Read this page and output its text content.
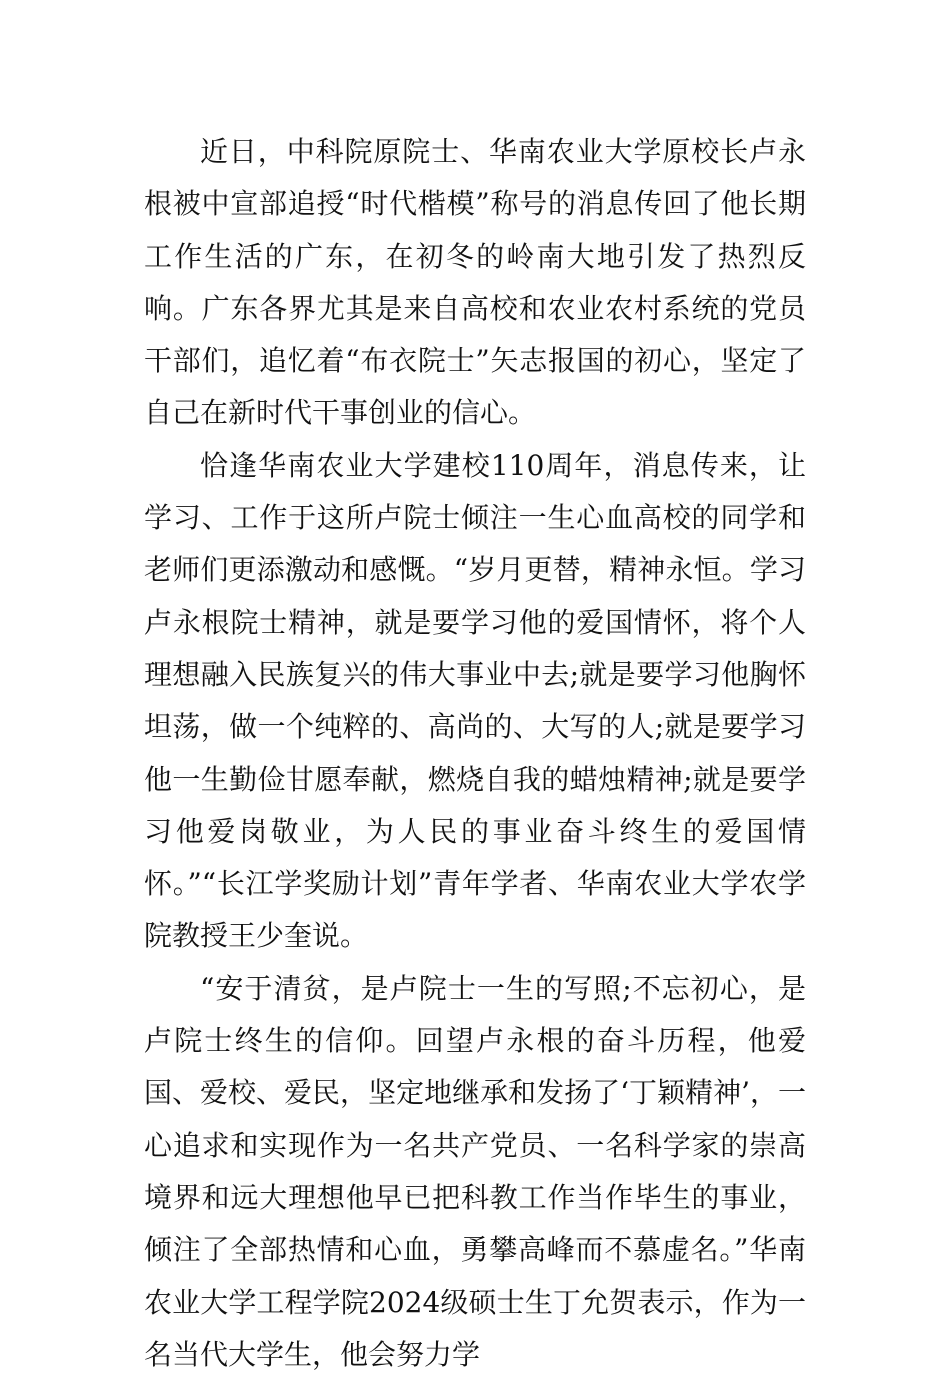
近日，中科院原院士、华南农业大学原校长卢永根被中宣部追授“时代楷模”称号的消息传回了他长期工作生活的广东，在初冬的岭南大地引发了热烈反响。广东各界尤其是来自高校和农业农村系统的党员干部们，追忆着“布衣院士”矢志报国的初心，坚定了自己在新时代干事创业的信心。

恰逢华南农业大学建校110周年，消息传来，让学习、工作于这所卢院士倾注一生心血高校的同学和老师们更添激动和感慨。“岁月更替，精神永恒。学习卢永根院士精神，就是要学习他的爱国情怀，将个人理想融入民族复兴的伟大事业中去;就是要学习他胸怀坦荡，做一个纯粹的、高尚的、大写的人;就是要学习他一生勤俭甘愿奉献，燃烧自我的蜡烛精神;就是要学习他爱岗敬业，为人民的事业奋斗终生的爱国情怀。”“长江学奖励计划”青年学者、华南农业大学农学院教授王少奎说。

“安于清贫，是卢院士一生的写照;不忘初心，是卢院士终生的信仰。回望卢永根的奋斗历程，他爱国、爱校、爱民，坚定地继承和发扬了‘丁颖精神’，一心追求和实现作为一名共产党员、一名科学家的崇高境界和远大理想他早已把科教工作当作毕生的事业，倾注了全部热情和心血，勇攀高峰而不慕虚名。”华南农业大学工程学院2024级硕士生丁允贺表示，作为一名当代大学生，他会努力学
